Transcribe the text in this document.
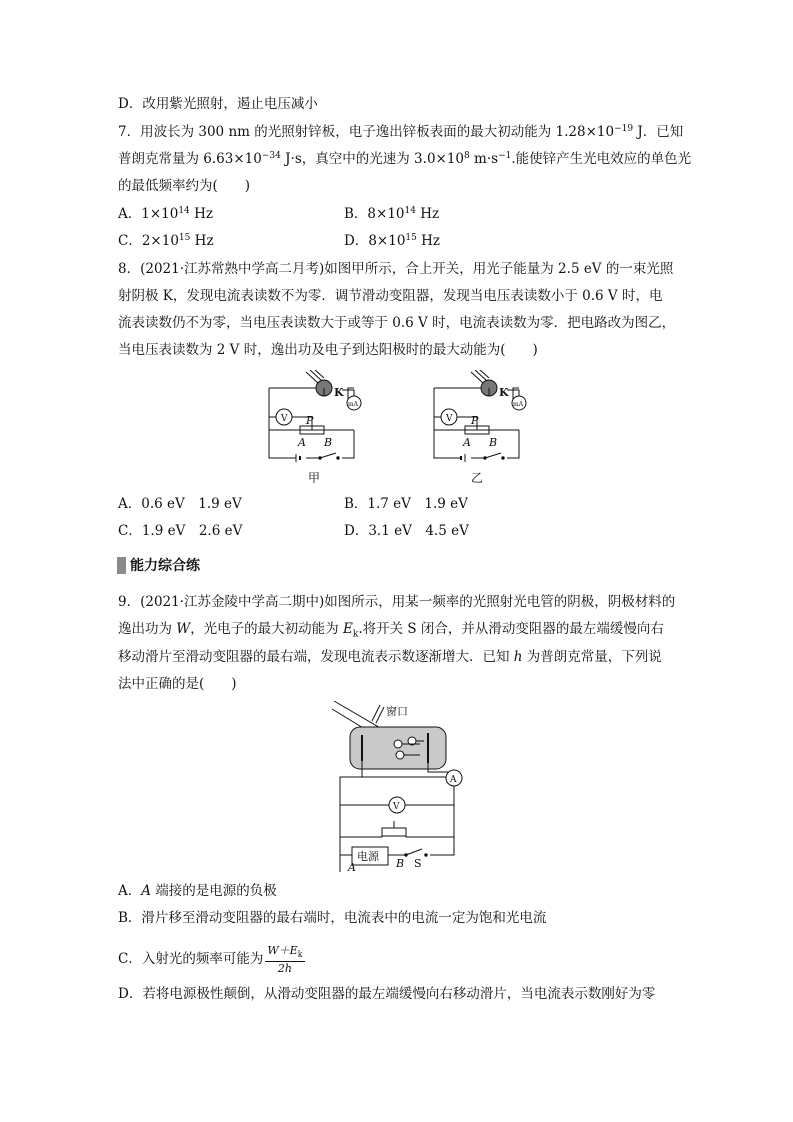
D．改用紫光照射，遏止电压减小
7．用波长为 300 nm 的光照射锌板，电子逸出锌板表面的最大初动能为 $1.28\times 10^{-19}$ J．已知
普朗克常量为 $6.63\times 10^{-34}$ J·s，真空中的光速为 $3.0\times 10^8$ $m\cdot s^{-1}$.能使锌产生光电效应的单色光
的最低频率约为(　　)
A．$1\times 10^{14}$ Hz	B．$8\times 10^{14}$ Hz
C．$2\times 10^{15}$ Hz	D．$8\times 10^{15}$ Hz
8．(2021·江苏常熟中学高二月考)如图甲所示，合上开关，用光子能量为 2.5 eV 的一束光照
射阴极 K，发现电流表读数不为零．调节滑动变阻器，发现当电压表读数小于 0.6 V 时，电
流表读数仍不为零，当电压表读数大于或等于 0.6 V 时，电流表读数为零．把电路改为图乙，
当电压表读数为 2 V 时，逸出功及电子到达阳极时的最大动能为(　　)
K
mA
V P
A B
甲
K
mA
V P
A B
乙
A．0.6 eV　1.9 eV	B．1.7 eV　1.9 eV
C．1.9 eV　2.6 eV	D．3.1 eV　4.5 eV
能力综合练
9．(2021·江苏金陵中学高二期中)如图所示，用某一频率的光照射光电管的阴极，阴极材料的
逸出功为 W，光电子的最大初动能为 $E_k$.将开关 S 闭合，并从滑动变阻器的最左端缓慢向右
移动滑片至滑动变阻器的最右端，发现电流表示数逐渐增大．已知 h 为普朗克常量，下列说
法中正确的是(　　)
窗口
A
V
电源
A	B S
A．A 端接的是电源的负极
B．滑片移至滑动变阻器的最右端时，电流表中的电流一定为饱和光电流
C．入射光的频率可能为 $\frac{W+E_k}{2h}$
D．若将电源极性颠倒，从滑动变阻器的最左端缓慢向右移动滑片，当电流表示数刚好为零
